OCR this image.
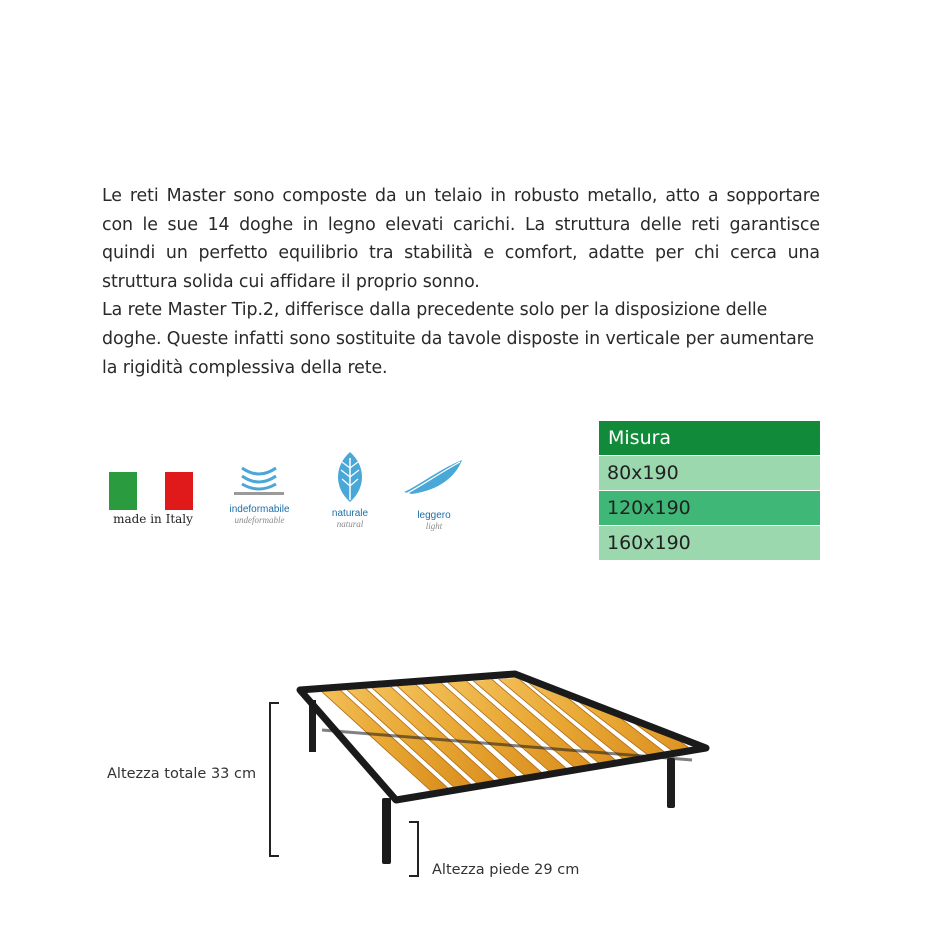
Le reti Master sono composte da un telaio in robusto metallo, atto a sopportare con le sue 14 doghe in legno elevati carichi. La struttura delle reti garantisce quindi un perfetto equilibrio tra stabilità e comfort, adatte per chi cerca una struttura solida cui affidare il proprio sonno.

La rete Master Tip.2, differisce dalla precedente solo per la disposizione delle doghe. Queste infatti sono sostituite da tavole disposte in verticale per aumentare la rigidità complessiva della rete.

made in Italy
indeformabile
undeformable
naturale
natural
leggero
light
Misura
80x190
120x190
160x190
Altezza totale 33 cm
Altezza piede 29 cm
